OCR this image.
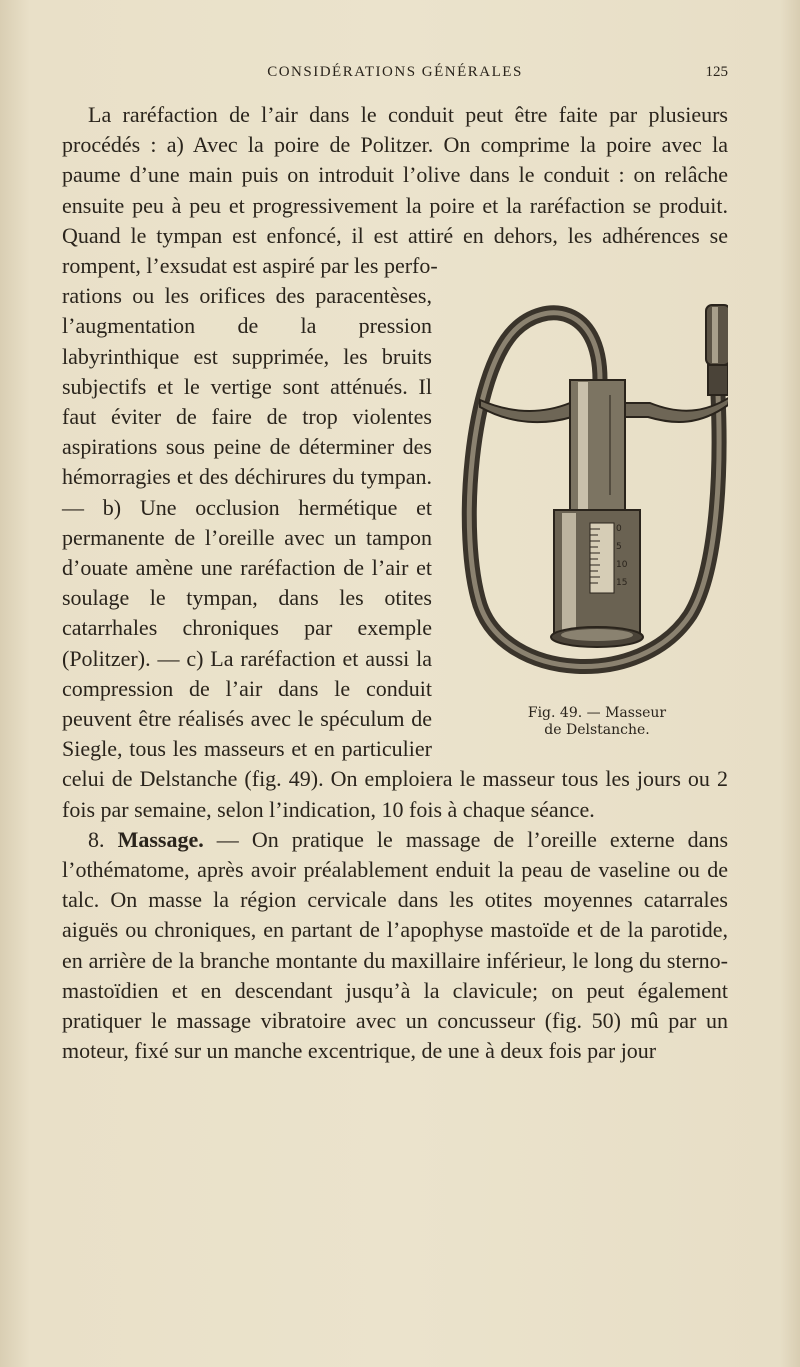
CONSIDÉRATIONS GÉNÉRALES	125

La raréfaction de l’air dans le conduit peut être faite par plusieurs procédés : a) Avec la poire de Politzer. On comprime la poire avec la paume d’une main puis on introduit l’olive dans le conduit : on relâche ensuite peu à peu et progressivement la poire et la raréfaction se produit. Quand le tympan est enfoncé, il est attiré en dehors, les adhérences se rompent, l’exsudat est aspiré par les perfo-

0
5
10
15
Fig. 49. — Masseur
de Delstanche.

rations ou les orifices des paracentèses, l’augmentation de la pression labyrinthique est supprimée, les bruits subjectifs et le vertige sont atténués. Il faut éviter de faire de trop violentes aspirations sous peine de déterminer des hémorragies et des déchirures du tympan. — b) Une occlusion hermétique et permanente de l’oreille avec un tampon d’ouate amène une raréfaction de l’air et soulage le tympan, dans les otites catarrhales chroniques par exemple (Politzer). — c) La raréfaction et aussi la compression de l’air dans le conduit peuvent être réalisés avec le spéculum de Siegle, tous les masseurs et en particulier celui de Delstanche (fig. 49). On emploiera le masseur tous les jours ou 2 fois par semaine, selon l’indication, 10 fois à chaque séance.

8. Massage. — On pratique le massage de l’oreille externe dans l’othématome, après avoir préalablement enduit la peau de vaseline ou de talc. On masse la région cervicale dans les otites moyennes catarrales aiguës ou chroniques, en partant de l’apophyse mastoïde et de la parotide, en arrière de la branche montante du maxillaire inférieur, le long du sterno-mastoïdien et en descendant jusqu’à la clavicule; on peut également pratiquer le massage vibratoire avec un concusseur (fig. 50) mû par un moteur, fixé sur un manche excentrique, de une à deux fois par jour
